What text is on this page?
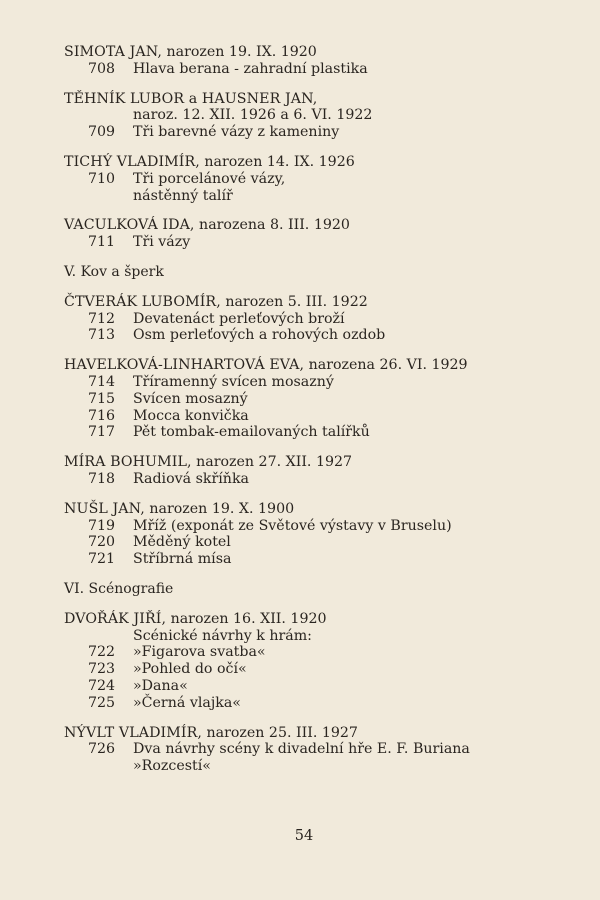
SIMOTA JAN, narozen 19. IX. 1920
708	Hlava berana - zahradní plastika
TĚHNÍK LUBOR a HAUSNER JAN,
naroz. 12. XII. 1926 a 6. VI. 1922
709	Tři barevné vázy z kameniny
TICHÝ VLADIMÍR, narozen 14. IX. 1926
710	Tři porcelánové vázy,
nástěnný talíř
VACULKOVÁ IDA, narozena 8. III. 1920
711	Tři vázy
V. Kov a šperk
ČTVERÁK LUBOMÍR, narozen 5. III. 1922
712	Devatenáct perleťových broží
713	Osm perleťových a rohových ozdob
HAVELKOVÁ-LINHARTOVÁ EVA, narozena 26. VI. 1929
714	Tříramenný svícen mosazný
715	Svícen mosazný
716	Mocca konvička
717	Pět tombak-emailovaných talířků
MÍRA BOHUMIL, narozen 27. XII. 1927
718	Radiová skříňka
NUŠL JAN, narozen 19. X. 1900
719	Mříž (exponát ze Světové výstavy v Bruselu)
720	Měděný kotel
721	Stříbrná mísa
VI. Scénografie
DVOŘÁK JIŘÍ, narozen 16. XII. 1920
Scénické návrhy k hrám:
722	»Figarova svatba«
723	»Pohled do očí«
724	»Dana«
725	»Černá vlajka«
NÝVLT VLADIMÍR, narozen 25. III. 1927
726	Dva návrhy scény k divadelní hře E. F. Buriana
»Rozcestí«
54
